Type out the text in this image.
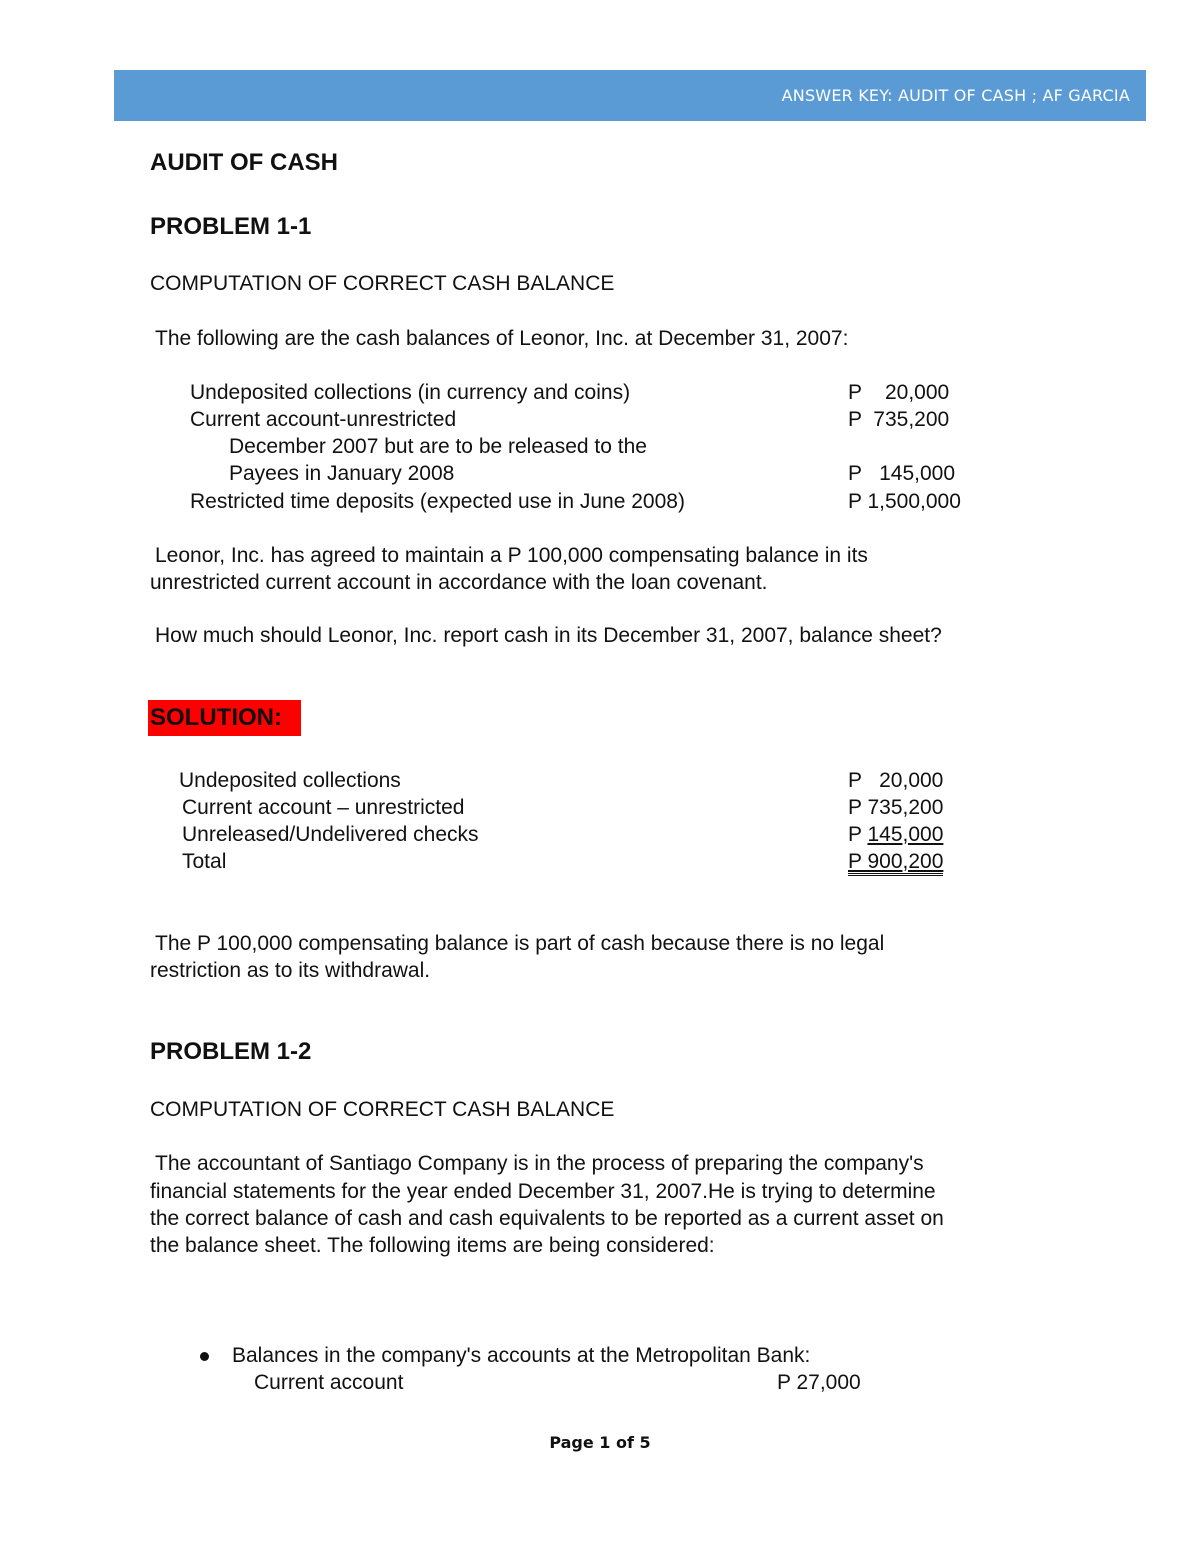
ANSWER KEY: AUDIT OF CASH ; AF GARCIA
AUDIT OF CASH
PROBLEM 1-1
COMPUTATION OF CORRECT CASH BALANCE
The following are the cash balances of Leonor, Inc. at December 31, 2007:
Undeposited collections (in currency and coins)	P    20,000
Current account-unrestricted	P  735,200
December 2007 but are to be released to the
Payees in January 2008	P   145,000
Restricted time deposits (expected use in June 2008)	P 1,500,000
Leonor, Inc. has agreed to maintain a P 100,000 compensating balance in its
unrestricted current account in accordance with the loan covenant.
How much should Leonor, Inc. report cash in its December 31, 2007, balance sheet?
SOLUTION:
Undeposited collections	P   20,000
Current account – unrestricted	P 735,200
Unreleased/Undelivered checks	P 145,000
Total	P 900,200
The P 100,000 compensating balance is part of cash because there is no legal
restriction as to its withdrawal.
PROBLEM 1-2
COMPUTATION OF CORRECT CASH BALANCE
The accountant of Santiago Company is in the process of preparing the company's
financial statements for the year ended December 31, 2007.He is trying to determine
the correct balance of cash and cash equivalents to be reported as a current asset on
the balance sheet. The following items are being considered:
Balances in the company's accounts at the Metropolitan Bank:
Current account	P 27,000
Page 1 of 5
